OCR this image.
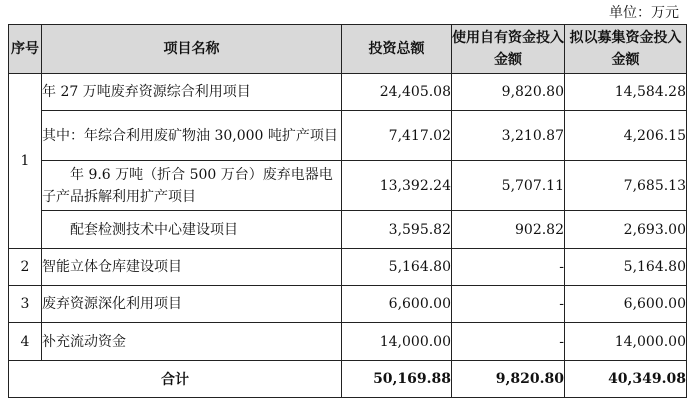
单位：万元
序号	项目名称	投资总额	使用自有资金投入金额	拟以募集资金投入金额
1	年 27 万吨废弃资源综合利用项目	24,405.08	9,820.80	14,584.28
	其中：年综合利用废矿物油 30,000 吨扩产项目	7,417.02	3,210.87	4,206.15
	年 9.6 万吨（折合 500 万台）废弃电器电子产品拆解利用扩产项目	13,392.24	5,707.11	7,685.13
	配套检测技术中心建设项目	3,595.82	902.82	2,693.00
2	智能立体仓库建设项目	5,164.80	-	5,164.80
3	废弃资源深化利用项目	6,600.00	-	6,600.00
4	补充流动资金	14,000.00	-	14,000.00
合计		50,169.88	9,820.80	40,349.08
